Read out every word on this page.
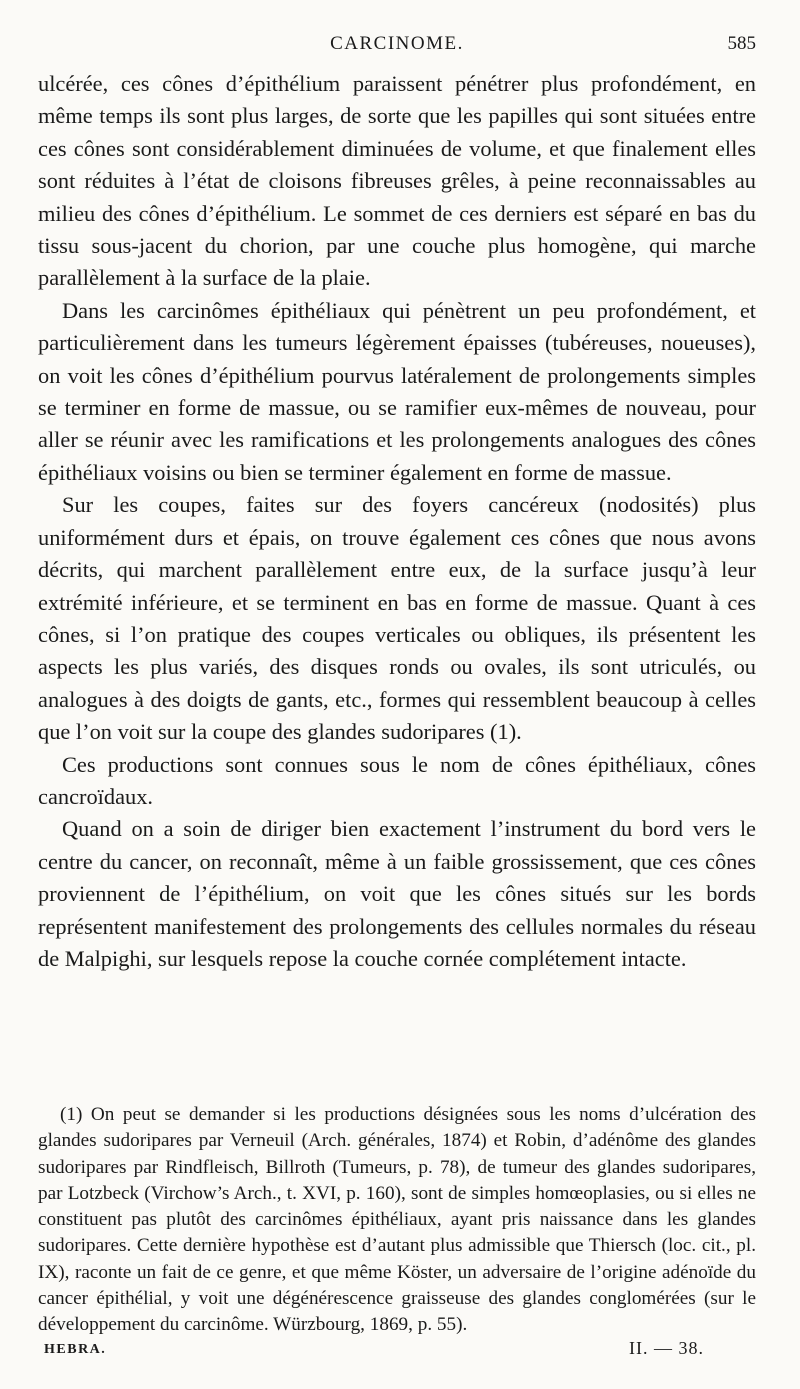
CARCINOME.	585

ulcérée, ces cônes d’épithélium paraissent pénétrer plus profondément, en même temps ils sont plus larges, de sorte que les papilles qui sont situées entre ces cônes sont considérablement diminuées de volume, et que finalement elles sont réduites à l’état de cloisons fibreuses grêles, à peine reconnaissables au milieu des cônes d’épithélium. Le sommet de ces derniers est séparé en bas du tissu sous-jacent du chorion, par une couche plus homogène, qui marche parallèlement à la surface de la plaie.

Dans les carcinômes épithéliaux qui pénètrent un peu profondément, et particulièrement dans les tumeurs légèrement épaisses (tubéreuses, noueuses), on voit les cônes d’épithélium pourvus latéralement de prolongements simples se terminer en forme de massue, ou se ramifier eux-mêmes de nouveau, pour aller se réunir avec les ramifications et les prolongements analogues des cônes épithéliaux voisins ou bien se terminer également en forme de massue.

Sur les coupes, faites sur des foyers cancéreux (nodosités) plus uniformément durs et épais, on trouve également ces cônes que nous avons décrits, qui marchent parallèlement entre eux, de la surface jusqu’à leur extrémité inférieure, et se terminent en bas en forme de massue. Quant à ces cônes, si l’on pratique des coupes verticales ou obliques, ils présentent les aspects les plus variés, des disques ronds ou ovales, ils sont utriculés, ou analogues à des doigts de gants, etc., formes qui ressemblent beaucoup à celles que l’on voit sur la coupe des glandes sudoripares (1).

Ces productions sont connues sous le nom de cônes épithéliaux, cônes cancroïdaux.

Quand on a soin de diriger bien exactement l’instrument du bord vers le centre du cancer, on reconnaît, même à un faible grossissement, que ces cônes proviennent de l’épithélium, on voit que les cônes situés sur les bords représentent manifestement des prolongements des cellules normales du réseau de Malpighi, sur lesquels repose la couche cornée complétement intacte.

(1) On peut se demander si les productions désignées sous les noms d’ulcération des glandes sudoripares par Verneuil (Arch. générales, 1874) et Robin, d’adénôme des glandes sudoripares par Rindfleisch, Billroth (Tumeurs, p. 78), de tumeur des glandes sudoripares, par Lotzbeck (Virchow’s Arch., t. XVI, p. 160), sont de simples homœoplasies, ou si elles ne constituent pas plutôt des carcinômes épithéliaux, ayant pris naissance dans les glandes sudoripares. Cette dernière hypothèse est d’autant plus admissible que Thiersch (loc. cit., pl. IX), raconte un fait de ce genre, et que même Köster, un adversaire de l’origine adénoïde du cancer épithélial, y voit une dégénérescence graisseuse des glandes conglomérées (sur le développement du carcinôme. Würzbourg, 1869, p. 55).

HEBRA.	II. — 38.
